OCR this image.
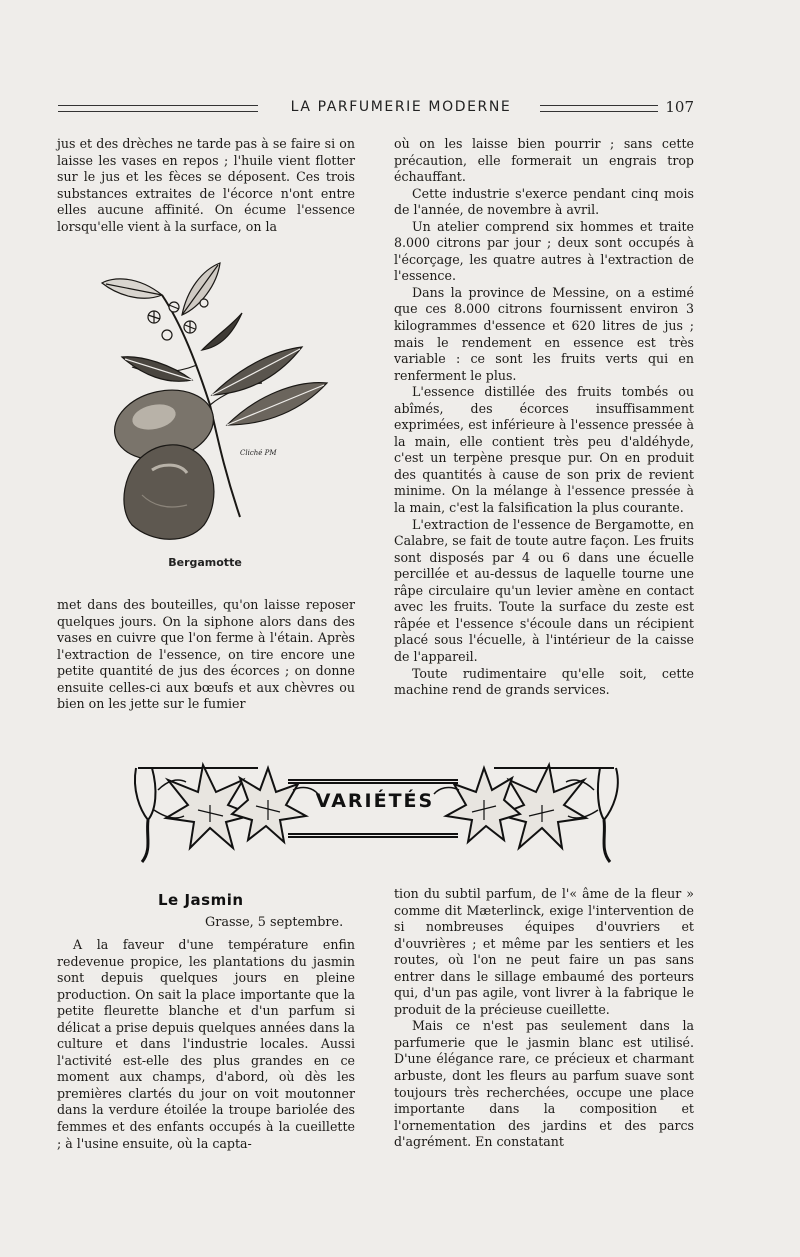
LA PARFUMERIE MODERNE	107

jus et des drèches ne tarde pas à se faire si on laisse les vases en repos ; l'huile vient flotter sur le jus et les fèces se déposent. Ces trois substances extraites de l'écorce n'ont entre elles aucune affinité. On écume l'essence lorsqu'elle vient à la surface, on la

Cliché PM
Bergamotte

met dans des bouteilles, qu'on laisse reposer quelques jours. On la siphone alors dans des vases en cuivre que l'on ferme à l'étain. Après l'extraction de l'essence, on tire encore une petite quantité de jus des écorces ; on donne ensuite celles-ci aux bœufs et aux chèvres ou bien on les jette sur le fumier

où on les laisse bien pourrir ; sans cette précaution, elle formerait un engrais trop échauffant.

Cette industrie s'exerce pendant cinq mois de l'année, de novembre à avril.

Un atelier comprend six hommes et traite 8.000 citrons par jour ; deux sont occupés à l'écorçage, les quatre autres à l'extraction de l'essence.

Dans la province de Messine, on a estimé que ces 8.000 citrons fournissent environ 3 kilogrammes d'essence et 620 litres de jus ; mais le rendement en essence est très variable : ce sont les fruits verts qui en renferment le plus.

L'essence distillée des fruits tombés ou abîmés, des écorces insuffisamment exprimées, est inférieure à l'essence pressée à la main, elle contient très peu d'aldéhyde, c'est un terpène presque pur. On en produit des quantités à cause de son prix de revient minime. On la mélange à l'essence pressée à la main, c'est la falsification la plus courante.

L'extraction de l'essence de Bergamotte, en Calabre, se fait de toute autre façon. Les fruits sont disposés par 4 ou 6 dans une écuelle percillée et au-dessus de laquelle tourne une râpe circulaire qu'un levier amène en contact avec les fruits. Toute la surface du zeste est râpée et l'essence s'écoule dans un récipient placé sous l'écuelle, à l'intérieur de la caisse de l'appareil.

Toute rudimentaire qu'elle soit, cette machine rend de grands services.

VARIÉTÉS
Le Jasmin
Grasse, 5 septembre.

A la faveur d'une température enfin redevenue propice, les plantations du jasmin sont depuis quelques jours en pleine production. On sait la place importante que la petite fleurette blanche et d'un parfum si délicat a prise depuis quelques années dans la culture et dans l'industrie locales. Aussi l'activité est-elle des plus grandes en ce moment aux champs, d'abord, où dès les premières clartés du jour on voit moutonner dans la verdure étoilée la troupe bariolée des femmes et des enfants occupés à la cueillette ; à l'usine ensuite, où la capta-

tion du subtil parfum, de l'« âme de la fleur » comme dit Mæterlinck, exige l'intervention de si nombreuses équipes d'ouvriers et d'ouvrières ; et même par les sentiers et les routes, où l'on ne peut faire un pas sans entrer dans le sillage embaumé des porteurs qui, d'un pas agile, vont livrer à la fabrique le produit de la précieuse cueillette.

Mais ce n'est pas seulement dans la parfumerie que le jasmin blanc est utilisé. D'une élégance rare, ce précieux et charmant arbuste, dont les fleurs au parfum suave sont toujours très recherchées, occupe une place importante dans la composition et l'ornementation des jardins et des parcs d'agrément. En constatant
